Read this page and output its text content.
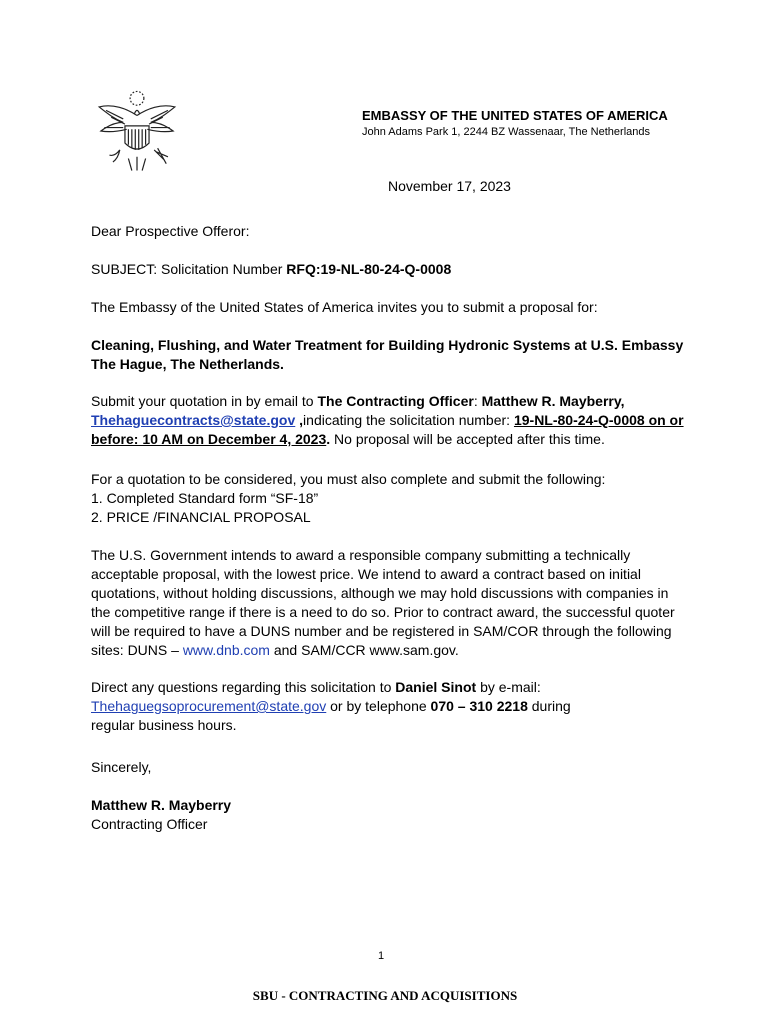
EMBASSY OF THE UNITED STATES OF AMERICA
John Adams Park 1, 2244 BZ Wassenaar, The Netherlands
November 17, 2023

Dear Prospective Offeror:

SUBJECT: Solicitation Number RFQ:19-NL-80-24-Q-0008

The Embassy of the United States of America invites you to submit a proposal for:

Cleaning, Flushing, and Water Treatment for Building Hydronic Systems at U.S. Embassy
The Hague, The Netherlands.

Submit your quotation in by email to The Contracting Officer: Matthew R. Mayberry,
Thehaguecontracts@state.gov ,indicating the solicitation number: 19-NL-80-24-Q-0008 on or
before: 10 AM on December 4, 2023. No proposal will be accepted after this time.

For a quotation to be considered, you must also complete and submit the following:
1. Completed Standard form “SF-18”
2. PRICE /FINANCIAL PROPOSAL

The U.S. Government intends to award a responsible company submitting a technically
acceptable proposal, with the lowest price. We intend to award a contract based on initial
quotations, without holding discussions, although we may hold discussions with companies in
the competitive range if there is a need to do so. Prior to contract award, the successful quoter
will be required to have a DUNS number and be registered in SAM/COR through the following
sites: DUNS – www.dnb.com and SAM/CCR www.sam.gov.

Direct any questions regarding this solicitation to Daniel Sinot by e-mail:
Thehaguegsoprocurement@state.gov or by telephone 070 – 310 2218 during
regular business hours.

Sincerely,

Matthew R. Mayberry
Contracting Officer

1
SBU - CONTRACTING AND ACQUISITIONS
